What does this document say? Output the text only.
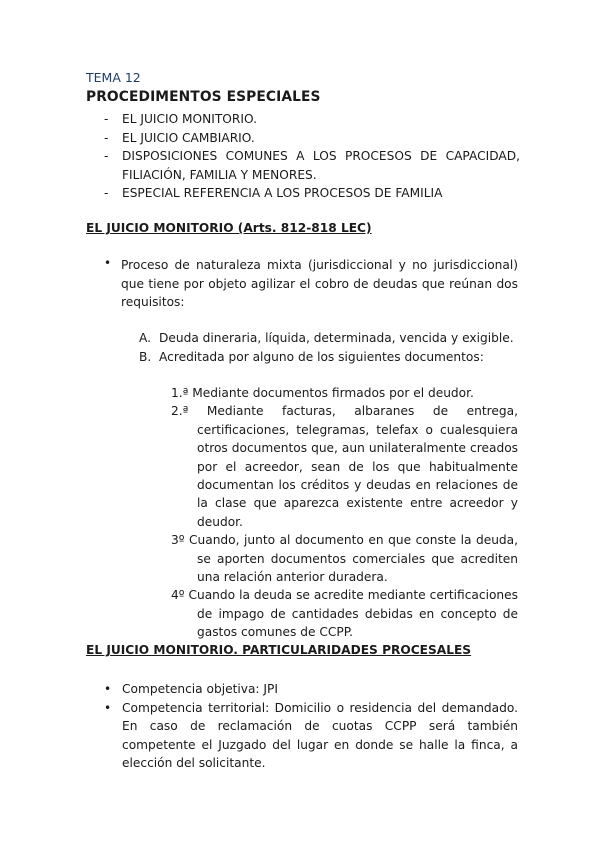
TEMA 12

PROCEDIMENTOS ESPECIALES

- EL JUICIO MONITORIO.
- EL JUICIO CAMBIARIO.
- DISPOSICIONES COMUNES A LOS PROCESOS DE CAPACIDAD, FILIACIÓN, FAMILIA Y MENORES.
- ESPECIAL REFERENCIA A LOS PROCESOS DE FAMILIA

EL JUICIO MONITORIO (Arts. 812-818 LEC)

• Proceso de naturaleza mixta (jurisdiccional y no jurisdiccional) que tiene por objeto agilizar el cobro de deudas que reúnan dos requisitos:

A. Deuda dineraria, líquida, determinada, vencida y exigible.
B. Acreditada por alguno de los siguientes documentos:
1.ª Mediante documentos firmados por el deudor.
2.ª Mediante facturas, albaranes de entrega, certificaciones, telegramas, telefax o cualesquiera otros documentos que, aun unilateralmente creados por el acreedor, sean de los que habitualmente documentan los créditos y deudas en relaciones de la clase que aparezca existente entre acreedor y deudor.
3º Cuando, junto al documento en que conste la deuda, se aporten documentos comerciales que acrediten una relación anterior duradera.
4º Cuando la deuda se acredite mediante certificaciones de impago de cantidades debidas en concepto de gastos comunes de CCPP.

EL JUICIO MONITORIO. PARTICULARIDADES PROCESALES

• Competencia objetiva: JPI
• Competencia territorial: Domicilio o residencia del demandado. En caso de reclamación de cuotas CCPP será también competente el Juzgado del lugar en donde se halle la finca, a elección del solicitante.
